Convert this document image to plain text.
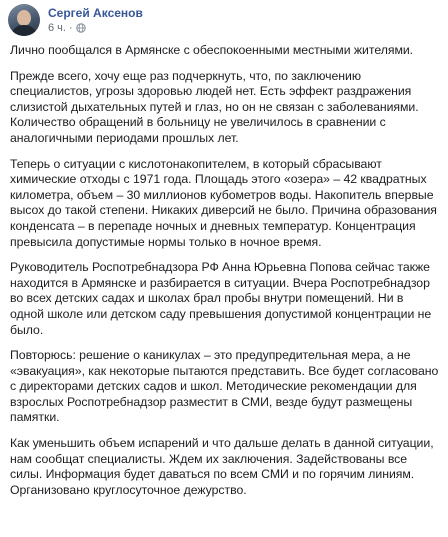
Сергей Аксенов
6 ч. ·

Лично пообщался в Армянске с обеспокоенными местными жителями.

Прежде всего, хочу еще раз подчеркнуть, что, по заключению специалистов, угрозы здоровью людей нет. Есть эффект раздражения слизистой дыхательных путей и глаз, но он не связан с заболеваниями. Количество обращений в больницу не увеличилось в сравнении с аналогичными периодами прошлых лет.

Теперь о ситуации с кислотонакопителем, в который сбрасывают химические отходы с 1971 года. Площадь этого «озера» – 42 квадратных километра, объем – 30 миллионов кубометров воды. Накопитель впервые высох до такой степени. Никаких диверсий не было. Причина образования конденсата – в перепаде ночных и дневных температур. Концентрация превысила допустимые нормы только в ночное время.

Руководитель Роспотребнадзора РФ Анна Юрьевна Попова сейчас также находится в Армянске и разбирается в ситуации. Вчера Роспотребнадзор во всех детских садах и школах брал пробы внутри помещений. Ни в одной школе или детском саду превышения допустимой концентрации не было.

Повторюсь: решение о каникулах – это предупредительная мера, а не «эвакуация», как некоторые пытаются представить. Все будет согласовано с директорами детских садов и школ. Методические рекомендации для взрослых Роспотребнадзор разместит в СМИ, везде будут размещены памятки.

Как уменьшить объем испарений и что дальше делать в данной ситуации, нам сообщат специалисты. Ждем их заключения. Задействованы все силы. Информация будет даваться по всем СМИ и по горячим линиям. Организовано круглосуточное дежурство.
